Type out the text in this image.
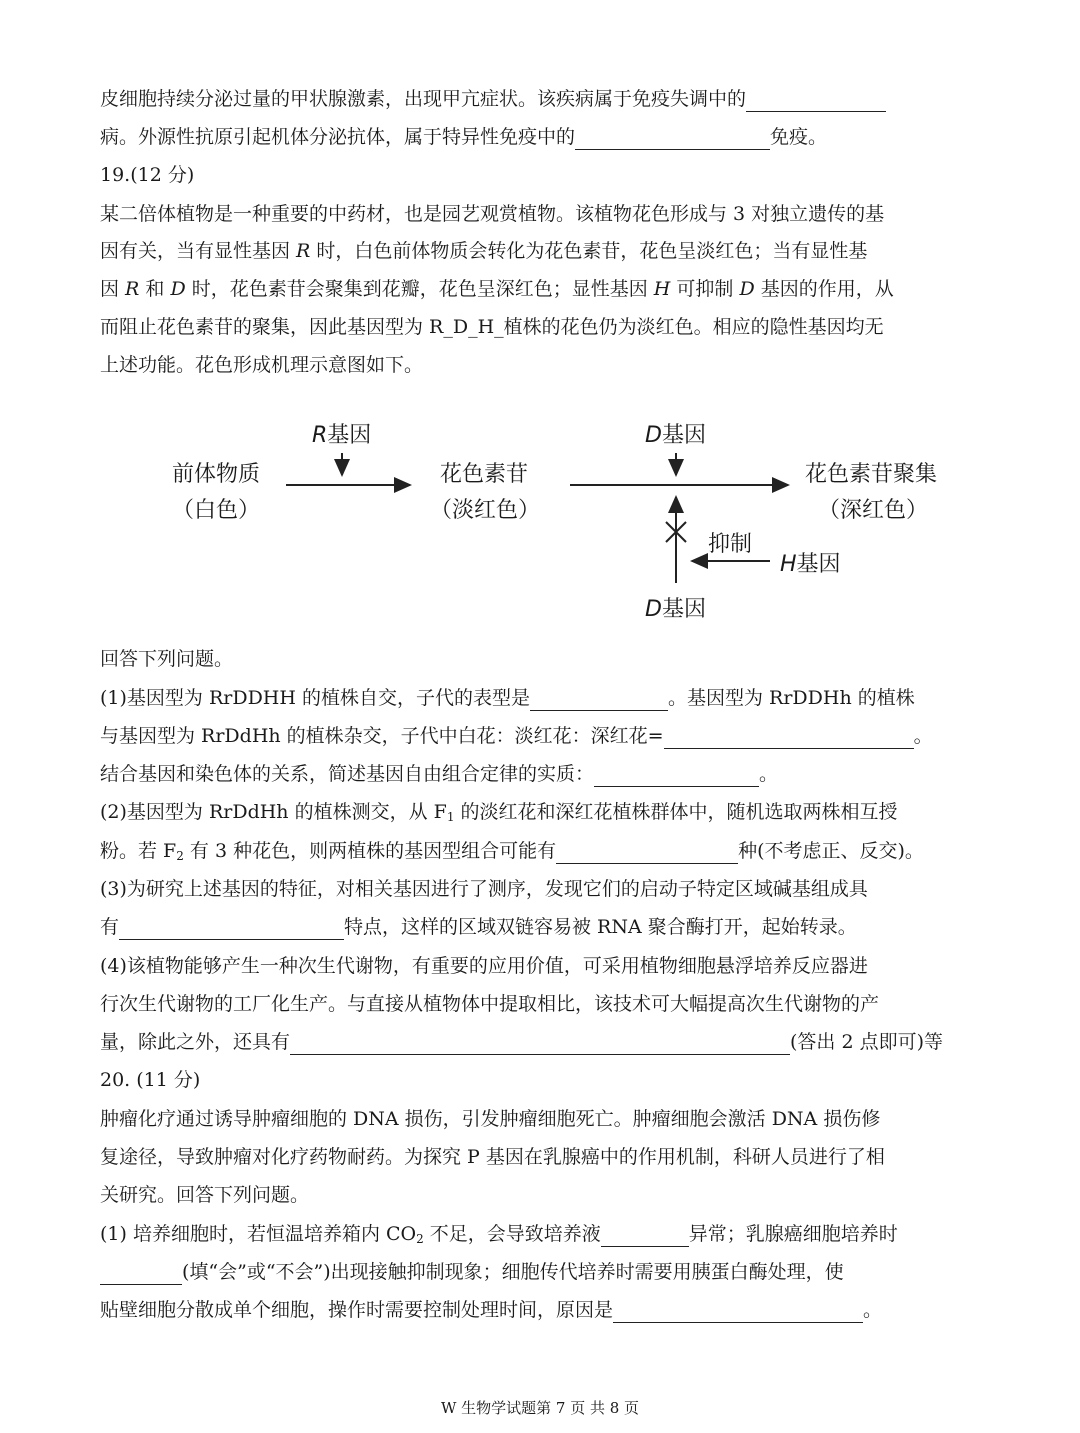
皮细胞持续分泌过量的甲状腺激素，出现甲亢症状。该疾病属于免疫失调中的
病。外源性抗原引起机体分泌抗体，属于特异性免疫中的	免疫。
19.(12 分)
某二倍体植物是一种重要的中药材，也是园艺观赏植物。该植物花色形成与 3 对独立遗传的基
因有关，当有显性基因 R 时，白色前体物质会转化为花色素苷，花色呈淡红色；当有显性基
因 R 和 D 时，花色素苷会聚集到花瓣，花色呈深红色；显性基因 H 可抑制 D 基因的作用，从
而阻止花色素苷的聚集，因此基因型为 R_D_H_植株的花色仍为淡红色。相应的隐性基因均无
上述功能。花色形成机理示意图如下。
前体物质
（白色）
花色素苷
（淡红色）
花色素苷聚集
（深红色）
R基因	D基因
D基因
抑制
H基因
回答下列问题。
(1)基因型为 RrDDHH 的植株自交，子代的表型是	。基因型为 RrDDHh 的植株
与基因型为 RrDdHh 的植株杂交，子代中白花：淡红花：深红花=	。
结合基因和染色体的关系，简述基因自由组合定律的实质：	。
(2)基因型为 RrDdHh 的植株测交，从 $F_1$ 的淡红花和深红花植株群体中，随机选取两株相互授
粉。若 $F_2$ 有 3 种花色，则两植株的基因型组合可能有	种(不考虑正、反交)。
(3)为研究上述基因的特征，对相关基因进行了测序，发现它们的启动子特定区域碱基组成具
有	特点，这样的区域双链容易被 RNA 聚合酶打开，起始转录。
(4)该植物能够产生一种次生代谢物，有重要的应用价值，可采用植物细胞悬浮培养反应器进
行次生代谢物的工厂化生产。与直接从植物体中提取相比，该技术可大幅提高次生代谢物的产
量，除此之外，还具有	(答出 2 点即可)等
20. (11 分)
肿瘤化疗通过诱导肿瘤细胞的 DNA 损伤，引发肿瘤细胞死亡。肿瘤细胞会激活 DNA 损伤修
复途径，导致肿瘤对化疗药物耐药。为探究 P 基因在乳腺癌中的作用机制，科研人员进行了相
关研究。回答下列问题。
(1) 培养细胞时，若恒温培养箱内 $CO_2$ 不足，会导致培养液	异常；乳腺癌细胞培养时
(填“会”或“不会”)出现接触抑制现象；细胞传代培养时需要用胰蛋白酶处理，使
贴壁细胞分散成单个细胞，操作时需要控制处理时间，原因是	。
W 生物学试题第 7 页 共 8 页
